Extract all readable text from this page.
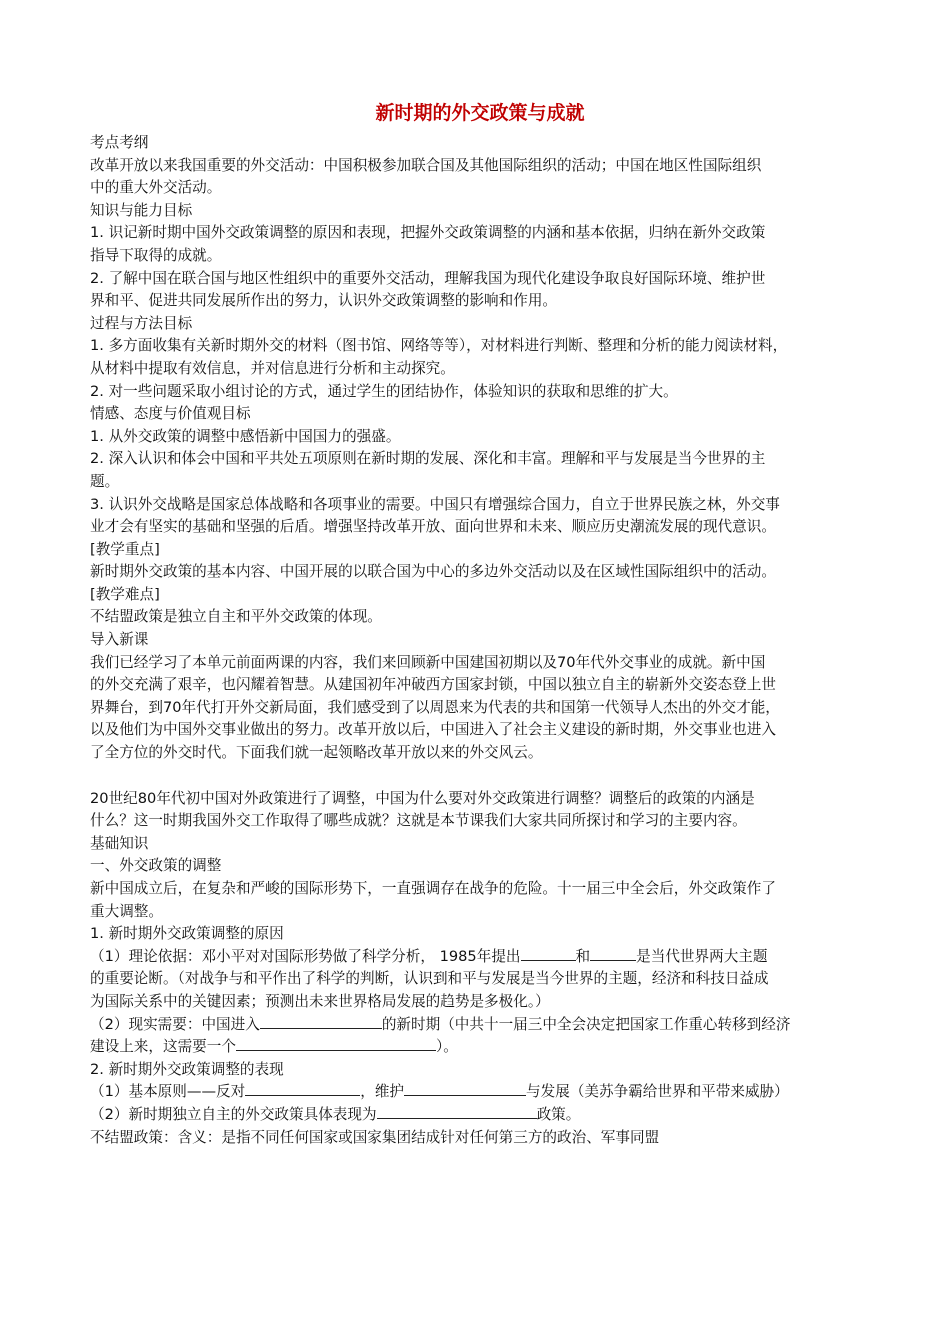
新时期的外交政策与成就

考点考纲

改革开放以来我国重要的外交活动：中国积极参加联合国及其他国际组织的活动；中国在地区性国际组织

中的重大外交活动。

知识与能力目标

1. 识记新时期中国外交政策调整的原因和表现，把握外交政策调整的内涵和基本依据，归纳在新外交政策

指导下取得的成就。

2. 了解中国在联合国与地区性组织中的重要外交活动，理解我国为现代化建设争取良好国际环境、维护世

界和平、促进共同发展所作出的努力，认识外交政策调整的影响和作用。

过程与方法目标

1. 多方面收集有关新时期外交的材料（图书馆、网络等等），对材料进行判断、整理和分析的能力阅读材料，

从材料中提取有效信息，并对信息进行分析和主动探究。

2. 对一些问题采取小组讨论的方式，通过学生的团结协作，体验知识的获取和思维的扩大。

情感、态度与价值观目标

1. 从外交政策的调整中感悟新中国国力的强盛。

2. 深入认识和体会中国和平共处五项原则在新时期的发展、深化和丰富。理解和平与发展是当今世界的主

题。

3. 认识外交战略是国家总体战略和各项事业的需要。中国只有增强综合国力，自立于世界民族之林，外交事

业才会有坚实的基础和坚强的后盾。增强坚持改革开放、面向世界和未来、顺应历史潮流发展的现代意识。

[教学重点]

新时期外交政策的基本内容、中国开展的以联合国为中心的多边外交活动以及在区域性国际组织中的活动。

[教学难点]

不结盟政策是独立自主和平外交政策的体现。

导入新课

我们已经学习了本单元前面两课的内容，我们来回顾新中国建国初期以及70年代外交事业的成就。新中国

的外交充满了艰辛，也闪耀着智慧。从建国初年冲破西方国家封锁，中国以独立自主的崭新外交姿态登上世

界舞台，到70年代打开外交新局面，我们感受到了以周恩来为代表的共和国第一代领导人杰出的外交才能，

以及他们为中国外交事业做出的努力。改革开放以后，中国进入了社会主义建设的新时期，外交事业也进入

了全方位的外交时代。下面我们就一起领略改革开放以来的外交风云。

20世纪80年代初中国对外政策进行了调整，中国为什么要对外交政策进行调整？调整后的政策的内涵是

什么？这一时期我国外交工作取得了哪些成就？这就是本节课我们大家共同所探讨和学习的主要内容。

基础知识

一、外交政策的调整

新中国成立后，在复杂和严峻的国际形势下，一直强调存在战争的危险。十一届三中全会后，外交政策作了

重大调整。

1. 新时期外交政策调整的原因

（1）理论依据：邓小平对对国际形势做了科学分析， 1985年提出	和	是当代世界两大主题

的重要论断。（对战争与和平作出了科学的判断，认识到和平与发展是当今世界的主题，经济和科技日益成

为国际关系中的关键因素；预测出未来世界格局发展的趋势是多极化。）

（2）现实需要：中国进入	的新时期（中共十一届三中全会决定把国家工作重心转移到经济

建设上来，这需要一个	）。

2. 新时期外交政策调整的表现

（1）基本原则——反对	，维护	与发展（美苏争霸给世界和平带来威胁）

（2）新时期独立自主的外交政策具体表现为	政策。

不结盟政策：含义：是指不同任何国家或国家集团结成针对任何第三方的政治、军事同盟
